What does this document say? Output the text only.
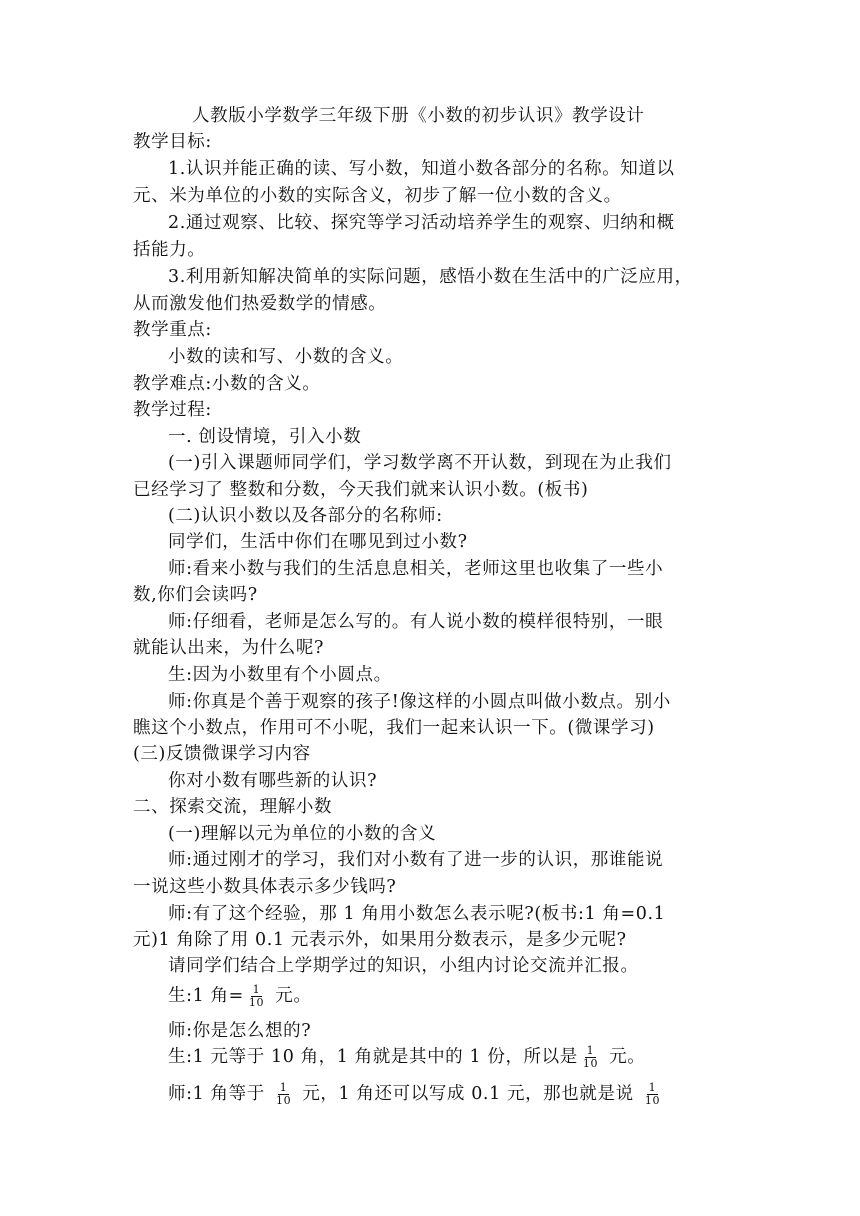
人教版小学数学三年级下册《小数的初步认识》教学设计
教学目标:
1.认识并能正确的读、写小数，知道小数各部分的名称。知道以
元、米为单位的小数的实际含义，初步了解一位小数的含义。
2.通过观察、比较、探究等学习活动培养学生的观察、归纳和概
括能力。
3.利用新知解决简单的实际问题，感悟小数在生活中的广泛应用，
从而激发他们热爱数学的情感。
教学重点:
小数的读和写、小数的含义。
教学难点:小数的含义。
教学过程:
一. 创设情境，引入小数
(一)引入课题师同学们，学习数学离不开认数，到现在为止我们
已经学习了 整数和分数，今天我们就来认识小数。(板书)
(二)认识小数以及各部分的名称师:
同学们，生活中你们在哪见到过小数?
师:看来小数与我们的生活息息相关，老师这里也收集了一些小
数,你们会读吗?
师:仔细看，老师是怎么写的。有人说小数的模样很特别，一眼
就能认出来，为什么呢?
生:因为小数里有个小圆点。
师:你真是个善于观察的孩子!像这样的小圆点叫做小数点。别小
瞧这个小数点，作用可不小呢，我们一起来认识一下。(微课学习)
(三)反馈微课学习内容
你对小数有哪些新的认识?
二、探索交流，理解小数
(一)理解以元为单位的小数的含义
师:通过刚才的学习，我们对小数有了进一步的认识，那谁能说
一说这些小数具体表示多少钱吗?
师:有了这个经验，那 1 角用小数怎么表示呢?(板书:1 角=0.1
元)1 角除了用 0.1 元表示外，如果用分数表示，是多少元呢?
请同学们结合上学期学过的知识，小组内讨论交流并汇报。
生:1 角= $\frac{1}{10}$ 元。
师:你是怎么想的?
生:1 元等于 10 角，1 角就是其中的 1 份，所以是 $\frac{1}{10}$ 元。
师:1 角等于 $\frac{1}{10}$ 元，1 角还可以写成 0.1 元，那也就是说 $\frac{1}{10}$
